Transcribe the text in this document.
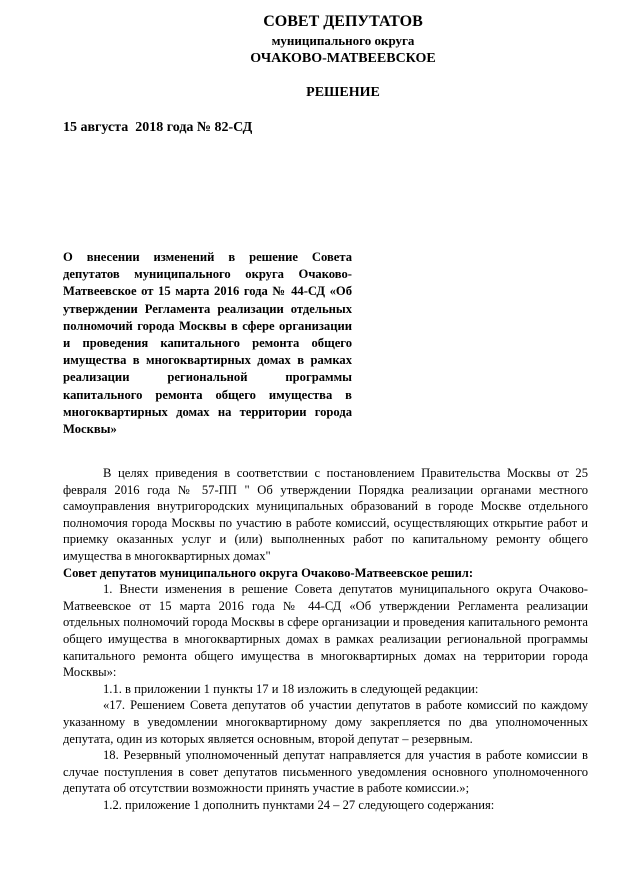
СОВЕТ ДЕПУТАТОВ

муниципального округа

ОЧАКОВО-МАТВЕЕВСКОЕ

РЕШЕНИЕ

15 августа  2018 года № 82-СД

О внесении изменений в решение Совета депутатов муниципального округа Очаково-Матвеевское от 15 марта 2016 года № 44-СД «Об утверждении Регламента реализации отдельных полномочий города Москвы в сфере организации и проведения капитального ремонта общего имущества в многоквартирных домах в рамках реализации региональной программы капитального ремонта общего имущества в многоквартирных домах на территории города Москвы»

В целях приведения в соответствии с постановлением Правительства Москвы от 25 февраля 2016 года № 57-ПП " Об утверждении Порядка реализации органами местного самоуправления внутригородских муниципальных образований в городе Москве отдельного полномочия города Москвы по участию в работе комиссий, осуществляющих открытие работ и приемку оказанных услуг и (или) выполненных работ по капитальному ремонту общего имущества в многоквартирных домах"

Совет депутатов муниципального округа Очаково-Матвеевское решил:

1. Внести изменения в решение Совета депутатов муниципального округа Очаково-Матвеевское от 15 марта 2016 года № 44-СД «Об утверждении Регламента реализации отдельных полномочий города Москвы в сфере организации и проведения капитального ремонта общего имущества в многоквартирных домах в рамках реализации региональной программы капитального ремонта общего имущества в многоквартирных домах на территории города Москвы»:

1.1. в приложении 1 пункты 17 и 18 изложить в следующей редакции:

«17. Решением Совета депутатов об участии депутатов в работе комиссий по каждому указанному в уведомлении многоквартирному дому закрепляется по два уполномоченных депутата, один из которых является основным, второй депутат – резервным.

18. Резервный уполномоченный депутат направляется для участия в работе комиссии в случае поступления в совет депутатов письменного уведомления основного уполномоченного депутата об отсутствии возможности принять участие в работе комиссии.»;

1.2. приложение 1 дополнить пунктами 24 – 27 следующего содержания:
